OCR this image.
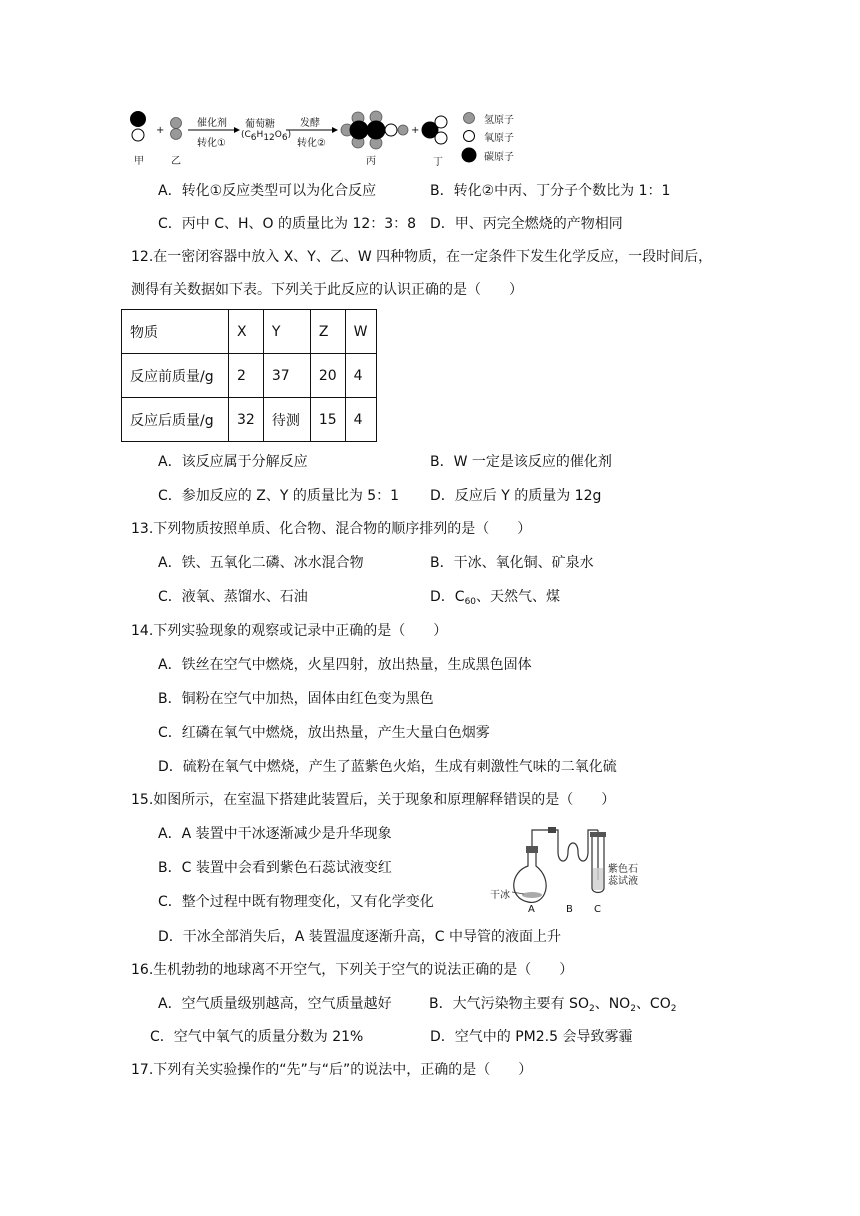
甲
+
乙
催化剂
转化①
葡萄糖
$(C_6H_{12}O_6)$
发酵
转化②
丙
+
丁
氢原子
氧原子
碳原子
A．转化①反应类型可以为化合反应	B．转化②中丙、丁分子个数比为 1：1
C．丙中 C、H、O 的质量比为 12：3：8 D．甲、丙完全燃烧的产物相同
12.在一密闭容器中放入 X、Y、乙、W 四种物质，在一定条件下发生化学反应，一段时间后，
测得有关数据如下表。下列关于此反应的认识正确的是（　　）
物质	X	Y	Z	W
反应前质量/g	2	37	20	4
反应后质量/g	32	待测	15	4
A．该反应属于分解反应	B．W 一定是该反应的催化剂
C．参加反应的 Z、Y 的质量比为 5：1 D．反应后 Y 的质量为 12g
13.下列物质按照单质、化合物、混合物的顺序排列的是（　　）
A．铁、五氧化二磷、冰水混合物	B．干冰、氧化铜、矿泉水
C．液氧、蒸馏水、石油	D．$C_{60}$、天然气、煤
14.下列实验现象的观察或记录中正确的是（　　）
A．铁丝在空气中燃烧，火星四射，放出热量，生成黑色固体
B．铜粉在空气中加热，固体由红色变为黑色
C．红磷在氧气中燃烧，放出热量，产生大量白色烟雾
D．硫粉在氧气中燃烧，产生了蓝紫色火焰，生成有刺激性气味的二氧化硫
15.如图所示，在室温下搭建此装置后，关于现象和原理解释错误的是（　　）
A．A 装置中干冰逐渐减少是升华现象
B．C 装置中会看到紫色石蕊试液变红
C．整个过程中既有物理变化，又有化学变化
D．干冰全部消失后，A 装置温度逐渐升高，C 中导管的液面上升
干冰
紫色石
蕊试液
A	B C
16.生机勃勃的地球离不开空气，下列关于空气的说法正确的是（　　）
A．空气质量级别越高，空气质量越好	B．大气污染物主要有 $SO_2$、$NO_2$、$CO_2$
C．空气中氧气的质量分数为 21%	D．空气中的 PM2.5 会导致雾霾
17.下列有关实验操作的“先”与“后”的说法中，正确的是（　　）
